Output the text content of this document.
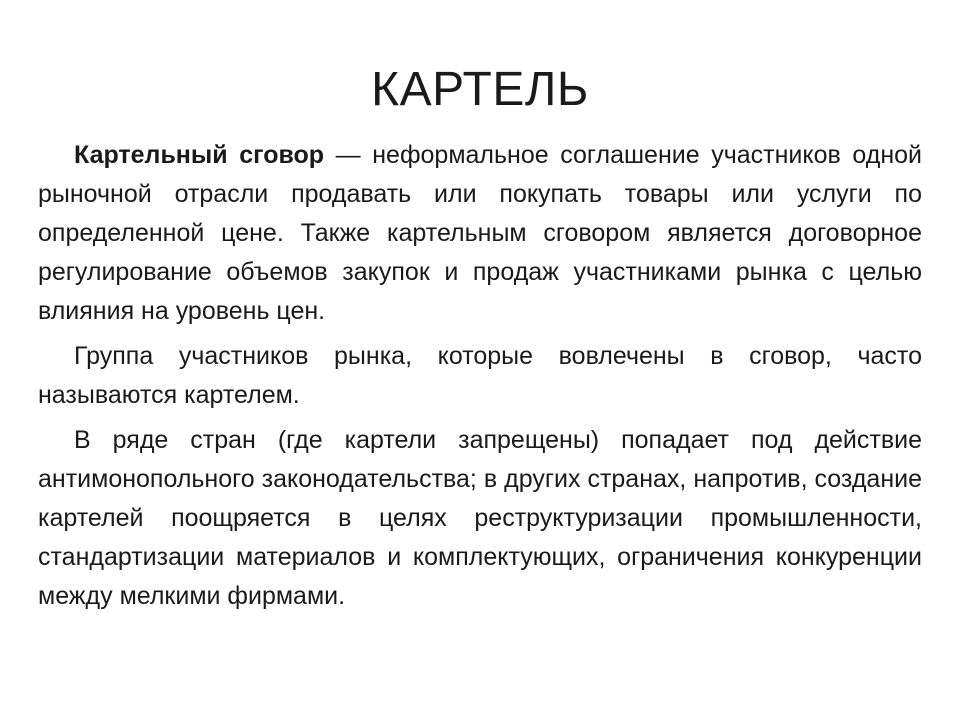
КАРТЕЛЬ

Картельный сговор — неформальное соглашение участников одной рыночной отрасли продавать или покупать товары или услуги по определенной цене. Также картельным сговором является договорное регулирование объемов закупок и продаж участниками рынка с целью влияния на уровень цен.

Группа участников рынка, которые вовлечены в сговор, часто называются картелем.

В ряде стран (где картели запрещены) попадает под действие антимонопольного законодательства; в других странах, напротив, создание картелей поощряется в целях реструктуризации промышленности, стандартизации материалов и комплектующих, ограничения конкуренции между мелкими фирмами.
